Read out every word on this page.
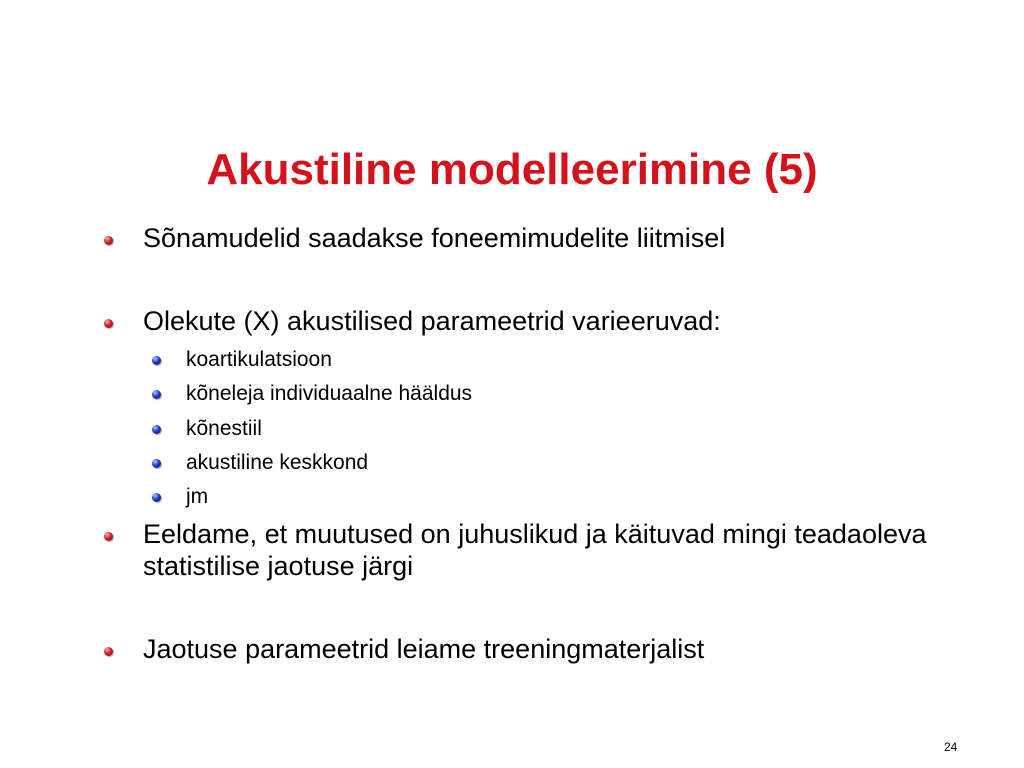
Akustiline modelleerimine (5)
Sõnamudelid saadakse foneemimudelite liitmisel
Olekute (X) akustilised parameetrid varieeruvad:
koartikulatsioon
kõneleja individuaalne hääldus
kõnestiil
akustiline keskkond
jm
Eeldame, et muutused on juhuslikud ja käituvad mingi teadaoleva statistilise jaotuse järgi
Jaotuse parameetrid leiame treeningmaterjalist
24
